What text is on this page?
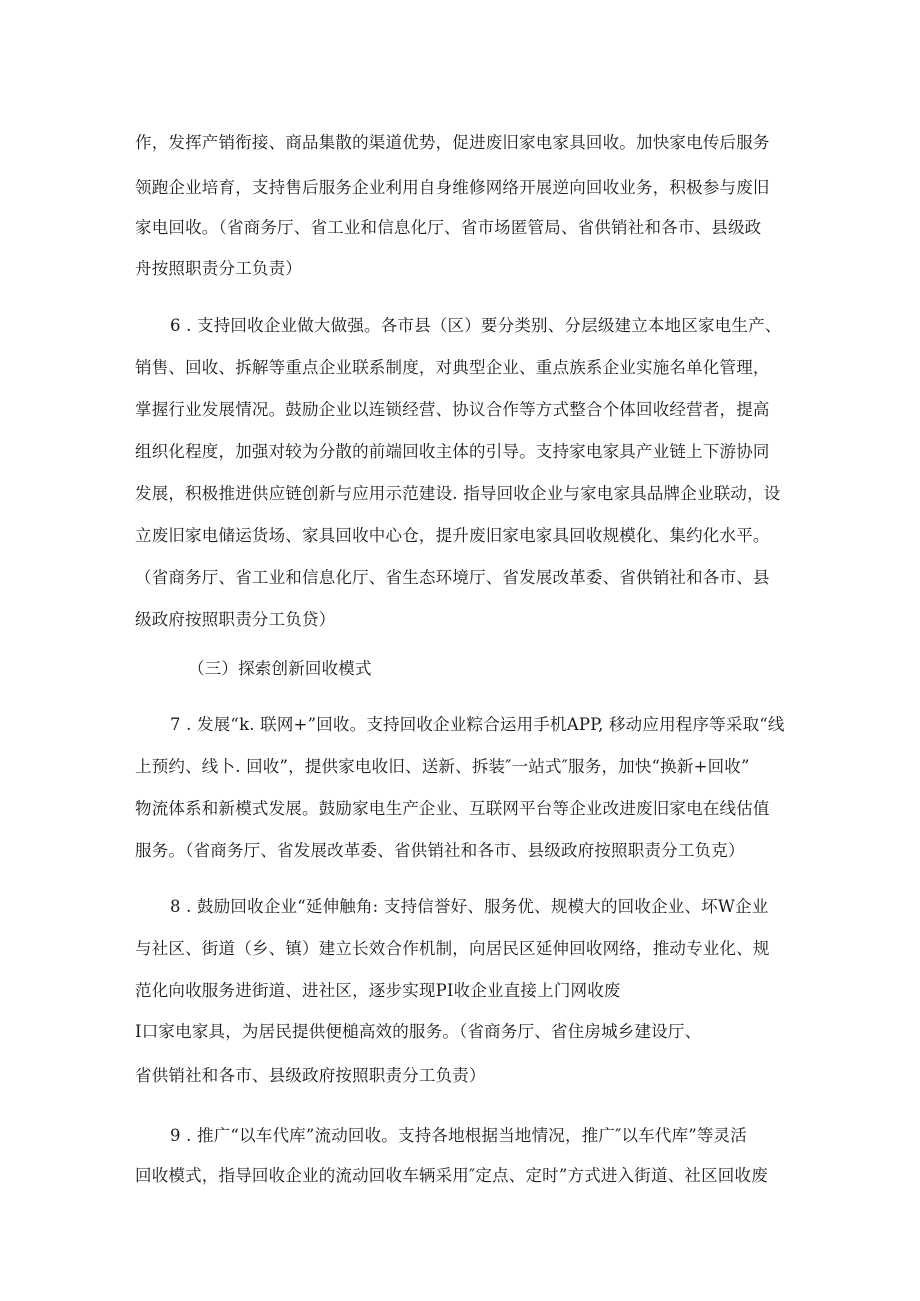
作，发挥产销衔接、商品集散的渠道优势，促进废旧家电家具回收。加快家电传后服务
领跑企业培育，支持售后服务企业利用自身维修网络开展逆向回收业务，积极参与废旧
家电回收。（省商务厅、省工业和信息化厅、省市场匿管局、省供销社和各市、县级政
舟按照职责分工负责）
6 . 支持回收企业做大做强。各市县（区）要分类别、分层级建立本地区家电生产、
销售、回收、拆解等重点企业联系制度，对典型企业、重点族系企业实施名单化管理，
掌握行业发展情况。鼓励企业以连锁经营、协议合作等方式整合个体回收经营者，提高
组织化程度，加强对较为分散的前端回收主体的引导。支持家电家具产业链上下游协同
发展，积极推进供应链创新与应用示范建设. 指导回收企业与家电家具品牌企业联动，设
立废旧家电储运货场、家具回收中心仓，提升废旧家电家具回收规模化、集约化水平。
（省商务厅、省工业和信息化厅、省生态环境厅、省发展改革委、省供销社和各市、县
级政府按照职责分工负贷）
（三）探索创新回收模式
7 . 发展“k. 联网+”回收。支持回收企业粽合运用手机APP, 移动应用程序等采取“线
上预约、线卜. 回收”，提供家电收旧、送新、拆装″一站式″服务，加快“换新+回收”
物流体系和新模式发展。鼓励家电生产企业、互联网平台等企业改进废旧家电在线估值
服务。（省商务厅、省发展改革委、省供销社和各市、县级政府按照职责分工负克）
8 . 鼓励回收企业“延伸触角: 支持信誉好、服务优、规模大的回收企业、坏W企业
与社区、街道（乡、镇）建立长效合作机制，向居民区延伸回收网络，推动专业化、规
范化向收服务进街道、进社区，逐步实现PI收企业直接上门网收废
I口家电家具，为居民提供便槌高效的服务。（省商务厅、省住房城乡建设厅、
省供销社和各市、县级政府按照职责分工负责）
9 . 推广“以车代库”流动回收。支持各地根据当地情况，推广″以车代库”等灵活
回收模式，指导回收企业的流动回收车辆采用″定点、定时”方式进入街道、社区回收废
